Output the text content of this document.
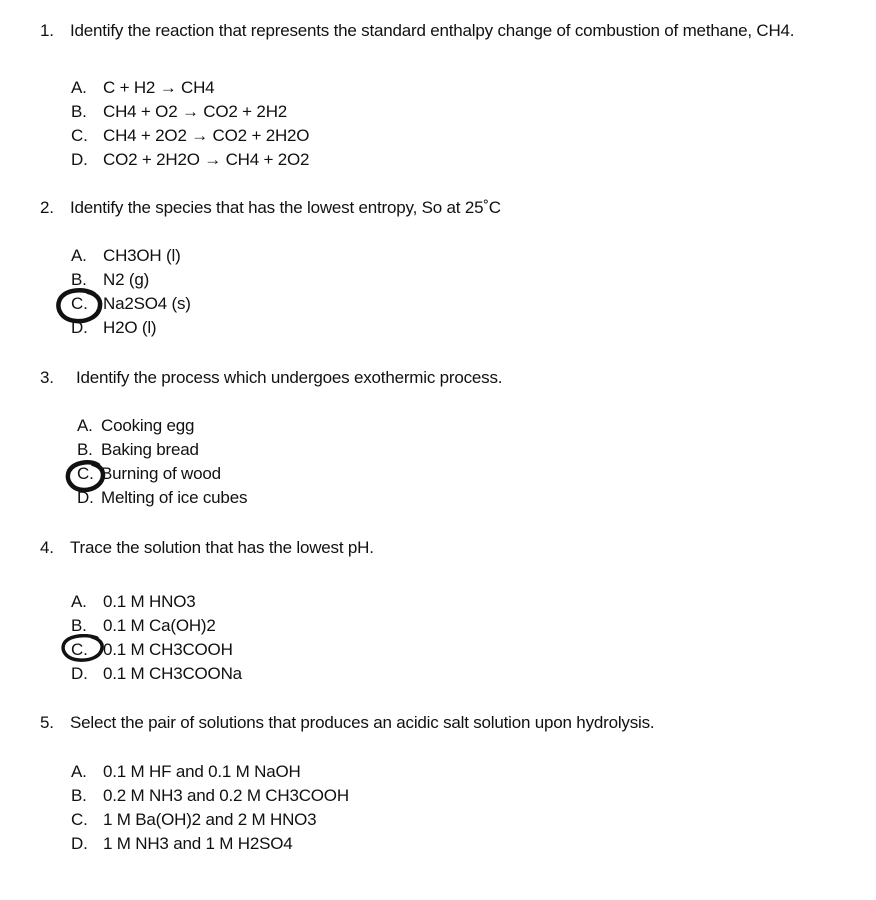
1. Identify the reaction that represents the standard enthalpy change of combustion of methane, CH4.
A. C + H2 → CH4
B. CH4 + O2 → CO2 + 2H2
C. CH4 + 2O2 → CO2 + 2H2O
D. CO2 + 2H2O → CH4 + 2O2
2. Identify the species that has the lowest entropy, So at 25˚C
A. CH3OH (l)
B. N2 (g)
C. Na2SO4 (s)
D. H2O (l)
3. Identify the process which undergoes exothermic process.
A. Cooking egg
B. Baking bread
C. Burning of wood
D. Melting of ice cubes
4. Trace the solution that has the lowest pH.
A. 0.1 M HNO3
B. 0.1 M Ca(OH)2
C. 0.1 M CH3COOH
D. 0.1 M CH3COONa
5. Select the pair of solutions that produces an acidic salt solution upon hydrolysis.
A. 0.1 M HF and 0.1 M NaOH
B. 0.2 M NH3 and 0.2 M CH3COOH
C. 1 M Ba(OH)2 and 2 M HNO3
D. 1 M NH3 and 1 M H2SO4
